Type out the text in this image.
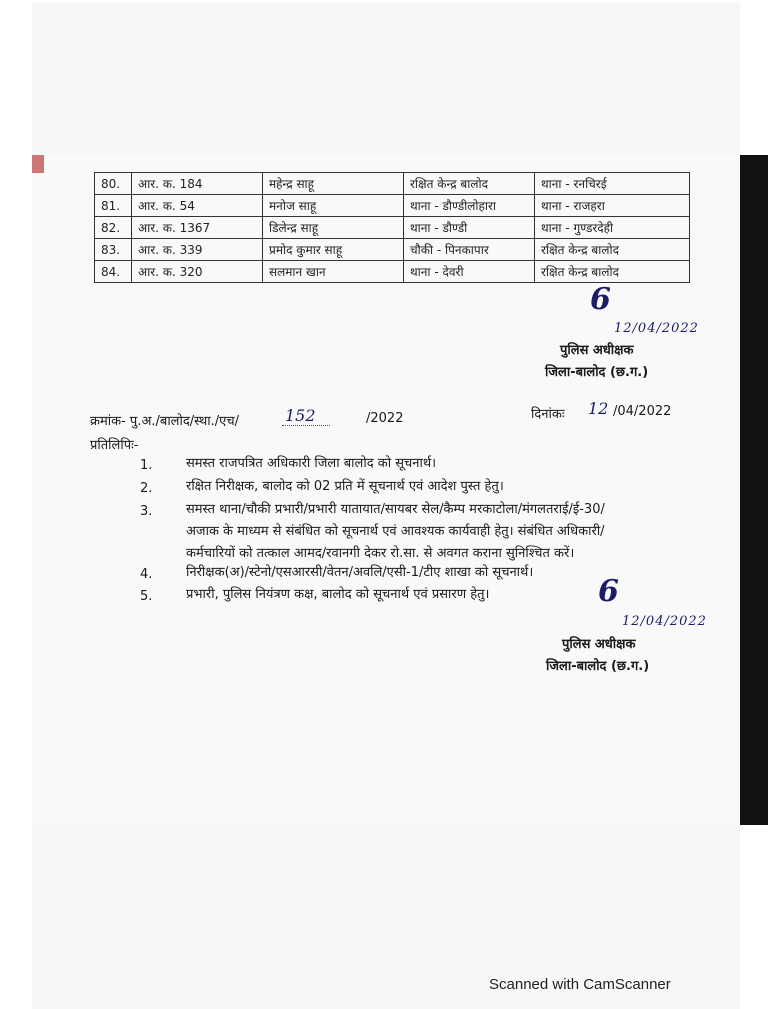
80.	आर. क. 184	महेन्द्र साहू	रक्षित केन्द्र बालोद	थाना - रनचिरई
81.	आर. क. 54	मनोज साहू	थाना - डौण्डीलोहारा	थाना - राजहरा
82.	आर. क. 1367	डिलेन्द्र साहू	थाना - डौण्डी	थाना - गुण्डरदेही
83.	आर. क. 339	प्रमोद कुमार साहू	चौकी - पिनकापार	रक्षित केन्द्र बालोद
84.	आर. क. 320	सलमान खान	थाना - देवरी	रक्षित केन्द्र बालोद
6
12/04/2022
पुलिस अधीक्षक
जिला-बालोद (छ.ग.)
क्रमांक- पु.अ./बालोद/स्था./एच/	152	/2022	दिनांकः 12 /04/2022
प्रतिलिपिः-
1.	समस्त राजपत्रित अधिकारी जिला बालोद को सूचनार्थ।
2.	रक्षित निरीक्षक, बालोद को 02 प्रति में सूचनार्थ एवं आदेश पुस्त हेतु।
3.	समस्त थाना/चौकी प्रभारी/प्रभारी यातायात/सायबर सेल/कैम्प मरकाटोला/मंगलतराई/ई-30/
अजाक के माध्यम से संबंधित को सूचनार्थ एवं आवश्यक कार्यवाही हेतु। संबंधित अधिकारी/
कर्मचारियों को तत्काल आमद/रवानगी देकर रो.सा. से अवगत कराना सुनिश्चित करें।
4.	निरीक्षक(अ)/स्टेनो/एसआरसी/वेतन/अवलि/एसी-1/टीए शाखा को सूचनार्थ।
5.	प्रभारी, पुलिस नियंत्रण कक्ष, बालोद को सूचनार्थ एवं प्रसारण हेतु।	6
12/04/2022
पुलिस अधीक्षक
जिला-बालोद (छ.ग.)
Scanned with CamScanner
